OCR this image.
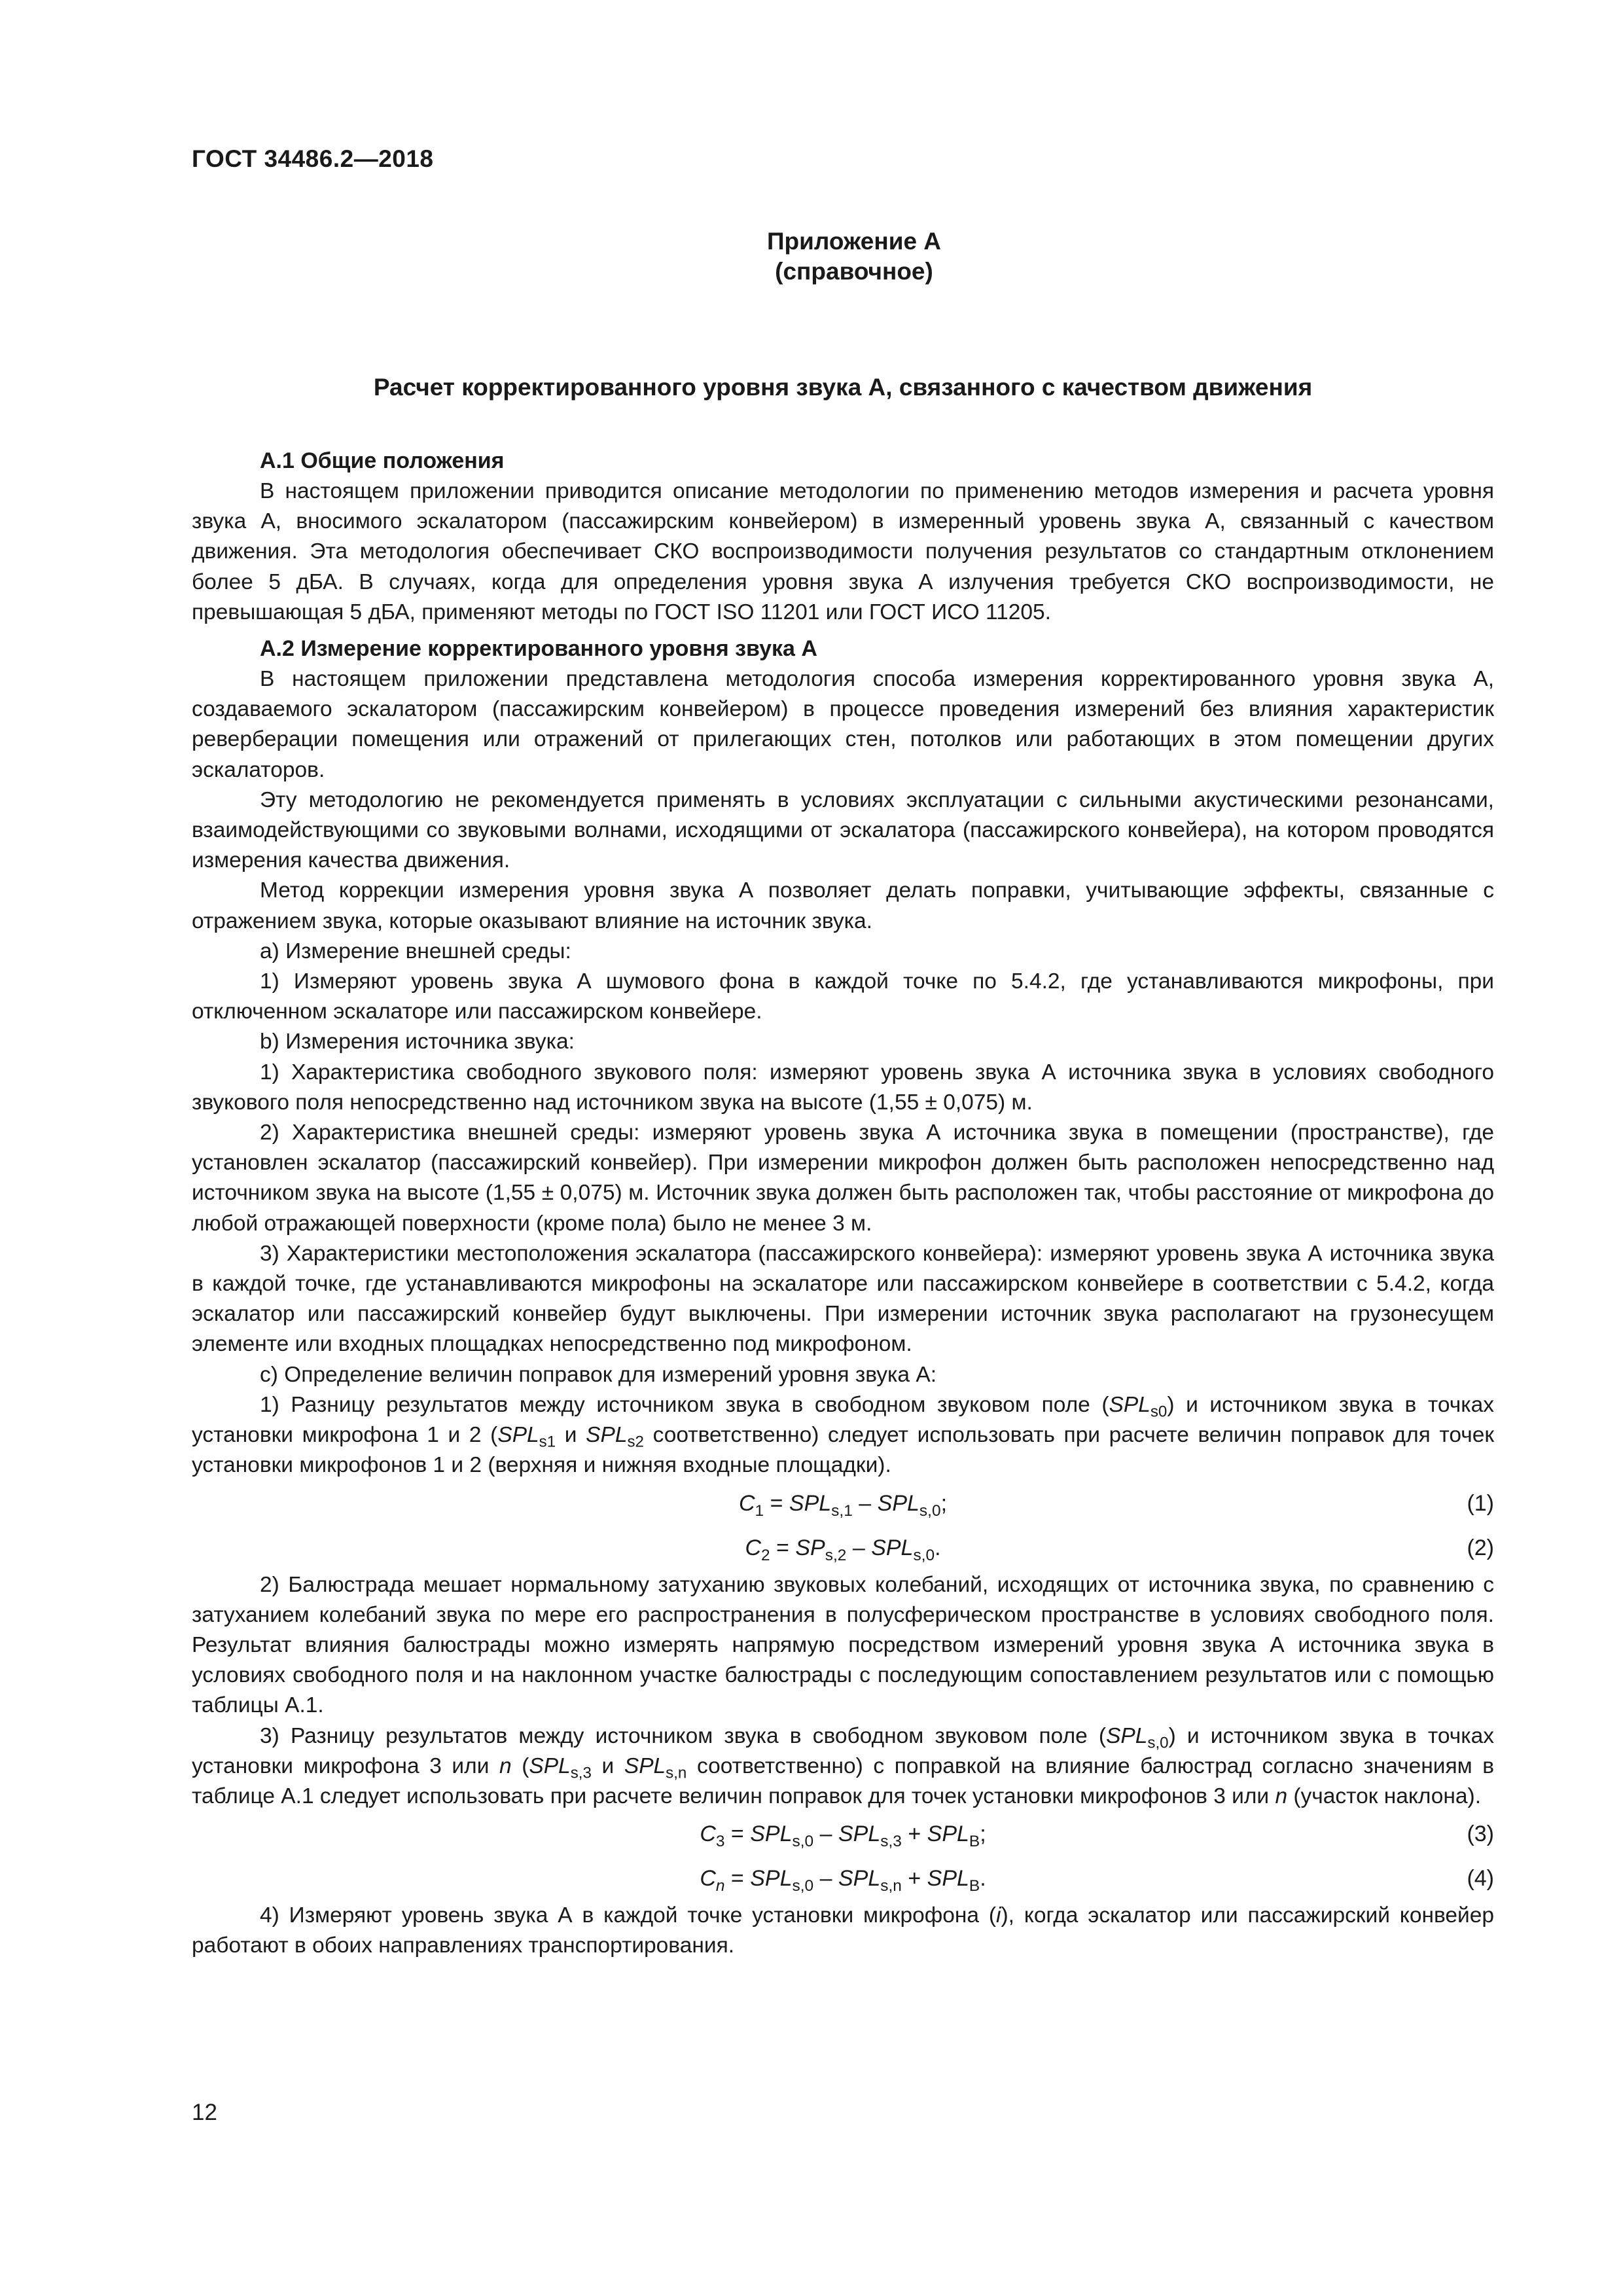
ГОСТ 34486.2—2018
Приложение А
(справочное)
Расчет корректированного уровня звука А, связанного с качеством движения
А.1 Общие положения

В настоящем приложении приводится описание методологии по применению методов измерения и расчета уровня звука А, вносимого эскалатором (пассажирским конвейером) в измеренный уровень звука А, связанный с качеством движения. Эта методология обеспечивает СКО воспроизводимости получения результатов со стандартным отклонением более 5 дБА. В случаях, когда для определения уровня звука А излучения требуется СКО воспроизводимости, не превышающая 5 дБА, применяют методы по ГОСТ ISO 11201 или ГОСТ ИСО 11205.

А.2 Измерение корректированного уровня звука А

В настоящем приложении представлена методология способа измерения корректированного уровня звука А, создаваемого эскалатором (пассажирским конвейером) в процессе проведения измерений без влияния характеристик реверберации помещения или отражений от прилегающих стен, потолков или работающих в этом помещении других эскалаторов.

Эту методологию не рекомендуется применять в условиях эксплуатации с сильными акустическими резонансами, взаимодействующими со звуковыми волнами, исходящими от эскалатора (пассажирского конвейера), на котором проводятся измерения качества движения.

Метод коррекции измерения уровня звука А позволяет делать поправки, учитывающие эффекты, связанные с отражением звука, которые оказывают влияние на источник звука.

а) Измерение внешней среды:

1) Измеряют уровень звука А шумового фона в каждой точке по 5.4.2, где устанавливаются микрофоны, при отключенном эскалаторе или пассажирском конвейере.

b) Измерения источника звука:

1) Характеристика свободного звукового поля: измеряют уровень звука А источника звука в условиях свободного звукового поля непосредственно над источником звука на высоте (1,55 ± 0,075) м.

2) Характеристика внешней среды: измеряют уровень звука А источника звука в помещении (пространстве), где установлен эскалатор (пассажирский конвейер). При измерении микрофон должен быть расположен непосредственно над источником звука на высоте (1,55 ± 0,075) м. Источник звука должен быть расположен так, чтобы расстояние от микрофона до любой отражающей поверхности (кроме пола) было не менее 3 м.

3) Характеристики местоположения эскалатора (пассажирского конвейера): измеряют уровень звука А источника звука в каждой точке, где устанавливаются микрофоны на эскалаторе или пассажирском конвейере в соответствии с 5.4.2, когда эскалатор или пассажирский конвейер будут выключены. При измерении источник звука располагают на грузонесущем элементе или входных площадках непосредственно под микрофоном.

с) Определение величин поправок для измерений уровня звука А:

1) Разницу результатов между источником звука в свободном звуковом поле $(SPL_{s0})$ и источником звука в точках установки микрофона 1 и 2 ($SPL_{s1}$ и $SPL_{s2}$ соответственно) следует использовать при расчете величин поправок для точек установки микрофонов 1 и 2 (верхняя и нижняя входные площадки).

$C_1 = SPL_{s,1} - SPL_{s,0}$;	(1)
$C_2 = SP_{s,2} - SPL_{s,0}$.	(2)

2) Балюстрада мешает нормальному затуханию звуковых колебаний, исходящих от источника звука, по сравнению с затуханием колебаний звука по мере его распространения в полусферическом пространстве в условиях свободного поля. Результат влияния балюстрады можно измерять напрямую посредством измерений уровня звука А источника звука в условиях свободного поля и на наклонном участке балюстрады с последующим сопоставлением результатов или с помощью таблицы А.1.

3) Разницу результатов между источником звука в свободном звуковом поле $(SPL_{s,0})$ и источником звука в точках установки микрофона 3 или n ($SPL_{s,3}$ и $SPL_{s,n}$ соответственно) с поправкой на влияние балюстрад согласно значениям в таблице А.1 следует использовать при расчете величин поправок для точек установки микрофонов 3 или n (участок наклона).

$C_3 = SPL_{s,0} - SPL_{s,3} + SPL_B$;	(3)
$C_n = SPL_{s,0} - SPL_{s,n} + SPL_B$.	(4)

4) Измеряют уровень звука А в каждой точке установки микрофона (i), когда эскалатор или пассажирский конвейер работают в обоих направлениях транспортирования.

12
